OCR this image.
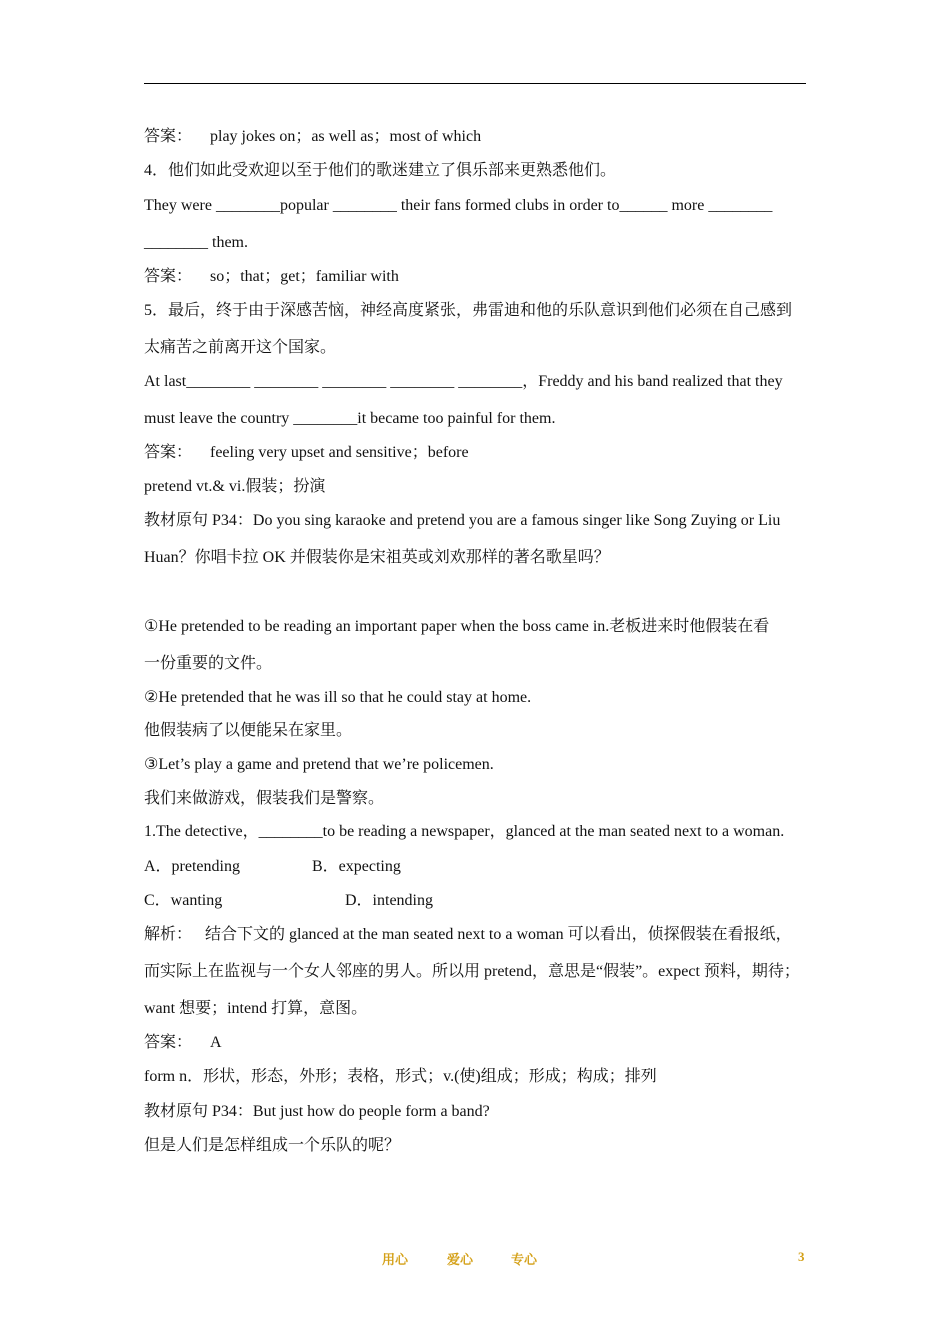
答案： play jokes on；as well as；most of which
4．他们如此受欢迎以至于他们的歌迷建立了俱乐部来更熟悉他们。
They were ________popular ________ their fans formed clubs in order to______ more ________
________ them.
答案： so；that；get；familiar with
5．最后，终于由于深感苦恼，神经高度紧张，弗雷迪和他的乐队意识到他们必须在自己感到
太痛苦之前离开这个国家。
At last________ ________ ________ ________ ________，Freddy and his band realized that they
must leave the country ________it became too painful for them.
答案： feeling very upset and sensitive；before
pretend vt.& vi.假装；扮演
教材原句 P34：Do you sing karaoke and pretend you are a famous singer like Song Zuying or Liu
Huan？你唱卡拉 OK 并假装你是宋祖英或刘欢那样的著名歌星吗？
①He pretended to be reading an important paper when the boss came in.老板进来时他假装在看
一份重要的文件。
②He pretended that he was ill so that he could stay at home.
他假装病了以便能呆在家里。
③Let’s play a game and pretend that we’re policemen.
我们来做游戏，假装我们是警察。
1.The detective，________to be reading a newspaper，glanced at the man seated next to a woman.
A．pretending	B．expecting
C．wanting	D．intending
解析： 结合下文的 glanced at the man seated next to a woman 可以看出，侦探假装在看报纸，
而实际上在监视与一个女人邻座的男人。所以用 pretend，意思是“假装”。expect 预料，期待；
want 想要；intend 打算，意图。
答案： A
form n．形状，形态，外形；表格，形式；v.(使)组成；形成；构成；排列
教材原句 P34：But just how do people form a band?
但是人们是怎样组成一个乐队的呢？
用心	爱心	专心	3
